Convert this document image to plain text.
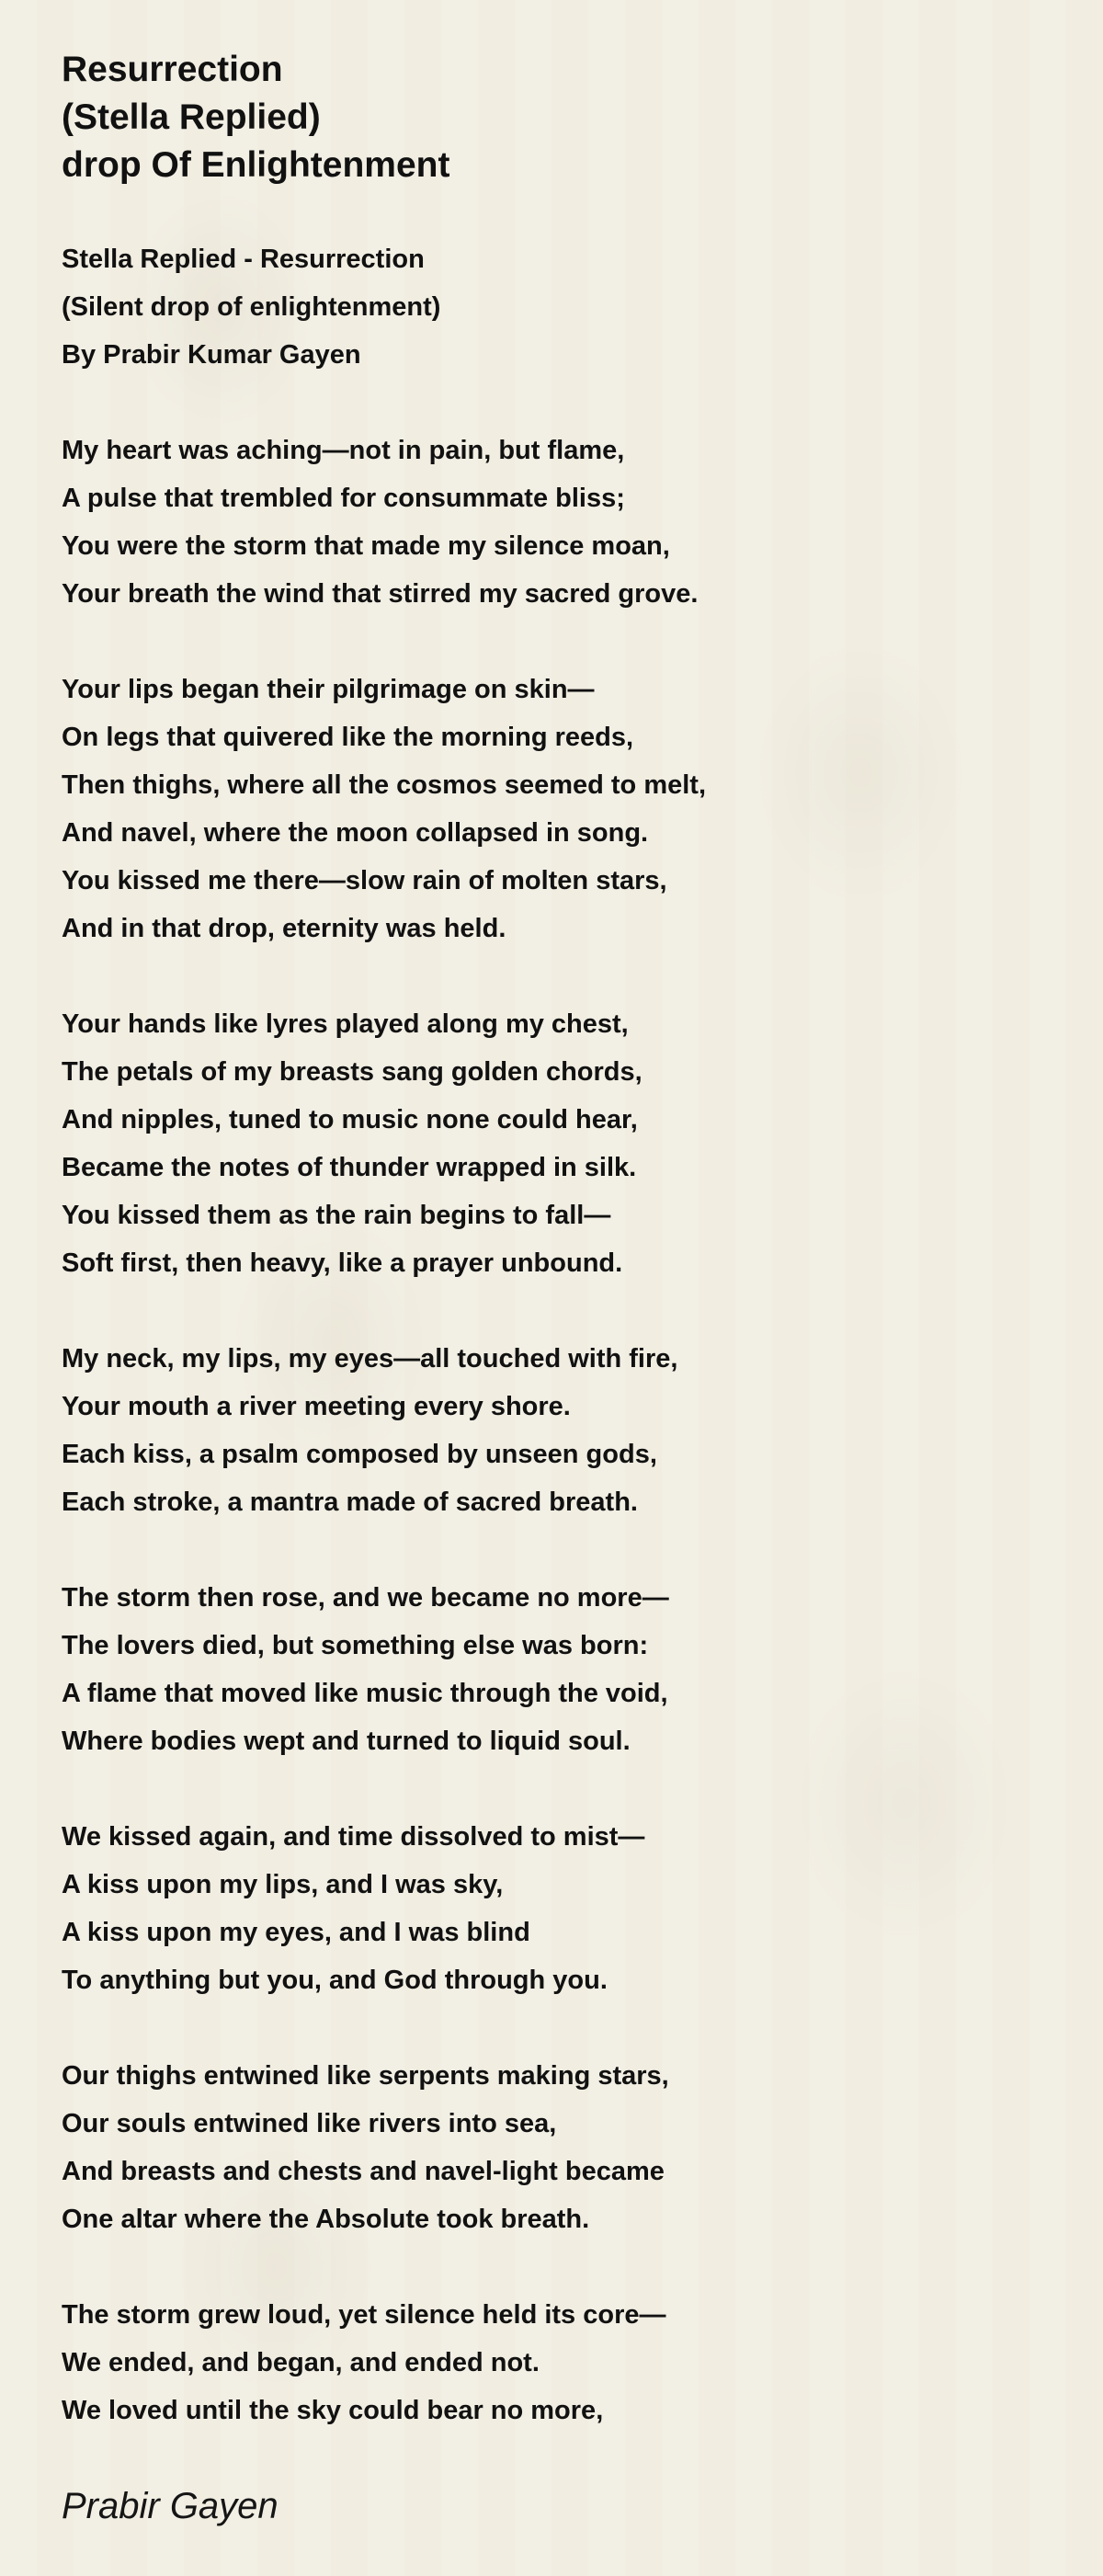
Resurrection
(Stella Replied)
drop Of Enlightenment
Stella Replied - Resurrection
(Silent drop of enlightenment)
By Prabir Kumar Gayen
My heart was aching—not in pain, but flame,
A pulse that trembled for consummate bliss;
You were the storm that made my silence moan,
Your breath the wind that stirred my sacred grove.
Your lips began their pilgrimage on skin—
On legs that quivered like the morning reeds,
Then thighs, where all the cosmos seemed to melt,
And navel, where the moon collapsed in song.
You kissed me there—slow rain of molten stars,
And in that drop, eternity was held.
Your hands like lyres played along my chest,
The petals of my breasts sang golden chords,
And nipples, tuned to music none could hear,
Became the notes of thunder wrapped in silk.
You kissed them as the rain begins to fall—
Soft first, then heavy, like a prayer unbound.
My neck, my lips, my eyes—all touched with fire,
Your mouth a river meeting every shore.
Each kiss, a psalm composed by unseen gods,
Each stroke, a mantra made of sacred breath.
The storm then rose, and we became no more—
The lovers died, but something else was born:
A flame that moved like music through the void,
Where bodies wept and turned to liquid soul.
We kissed again, and time dissolved to mist—
A kiss upon my lips, and I was sky,
A kiss upon my eyes, and I was blind
To anything but you, and God through you.
Our thighs entwined like serpents making stars,
Our souls entwined like rivers into sea,
And breasts and chests and navel-light became
One altar where the Absolute took breath.
The storm grew loud, yet silence held its core—
We ended, and began, and ended not.
We loved until the sky could bear no more,
Prabir Gayen
